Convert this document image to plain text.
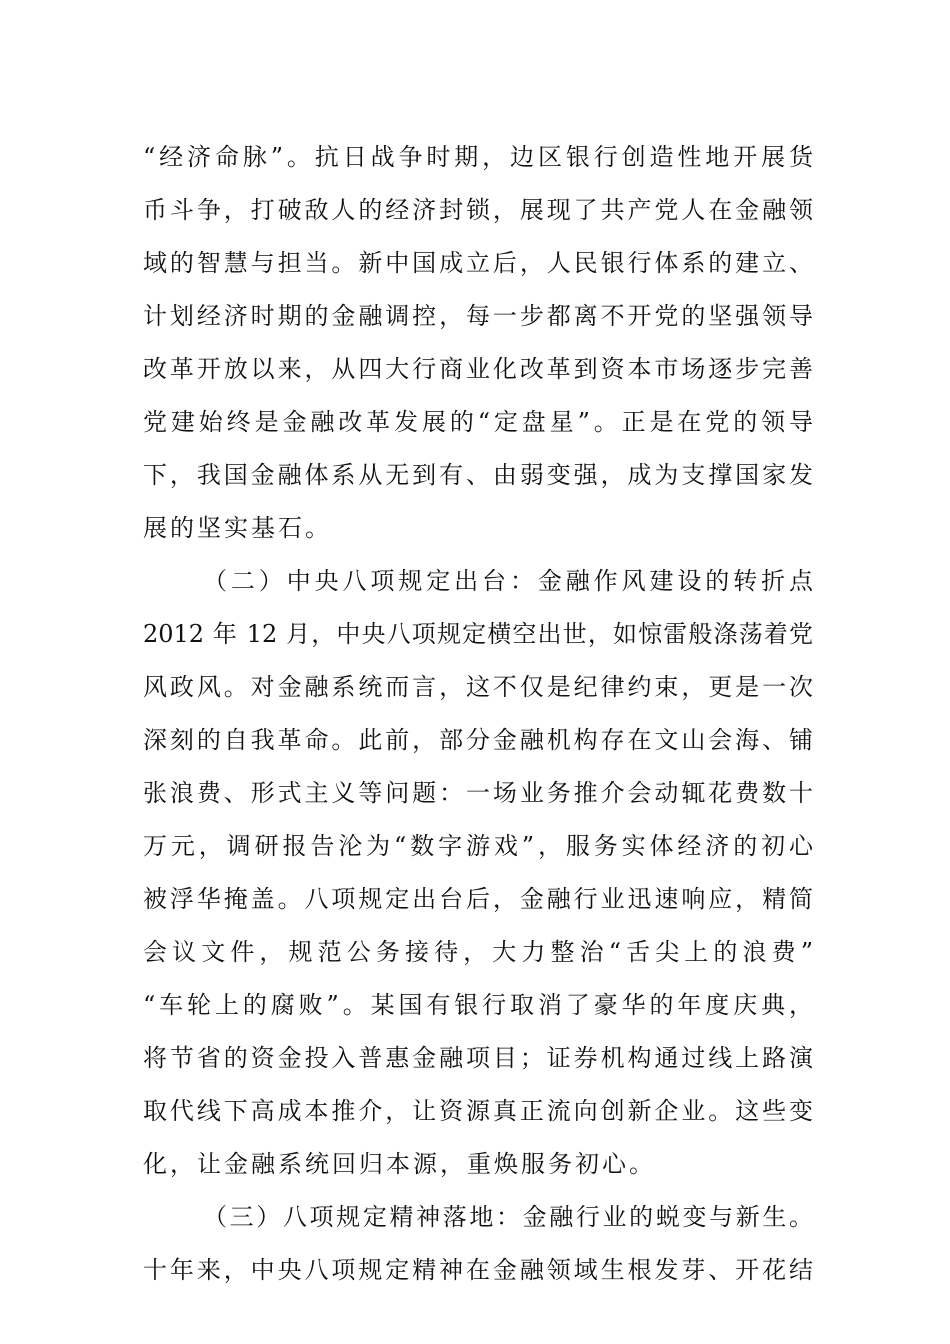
“经济命脉”。抗日战争时期，边区银行创造性地开展货
币斗争，打破敌人的经济封锁，展现了共产党人在金融领
域的智慧与担当。新中国成立后，人民银行体系的建立、
计划经济时期的金融调控，每一步都离不开党的坚强领导
改革开放以来，从四大行商业化改革到资本市场逐步完善
党建始终是金融改革发展的“定盘星”。正是在党的领导
下，我国金融体系从无到有、由弱变强，成为支撑国家发
展的坚实基石。
（二）中央八项规定出台：金融作风建设的转折点
2012 年 12 月，中央八项规定横空出世，如惊雷般涤荡着党
风政风。对金融系统而言，这不仅是纪律约束，更是一次
深刻的自我革命。此前，部分金融机构存在文山会海、铺
张浪费、形式主义等问题：一场业务推介会动辄花费数十
万元，调研报告沦为“数字游戏”，服务实体经济的初心
被浮华掩盖。八项规定出台后，金融行业迅速响应，精简
会议文件，规范公务接待，大力整治“舌尖上的浪费”
“车轮上的腐败”。某国有银行取消了豪华的年度庆典，
将节省的资金投入普惠金融项目；证券机构通过线上路演
取代线下高成本推介，让资源真正流向创新企业。这些变
化，让金融系统回归本源，重焕服务初心。
（三）八项规定精神落地：金融行业的蜕变与新生。
十年来，中央八项规定精神在金融领域生根发芽、开花结
